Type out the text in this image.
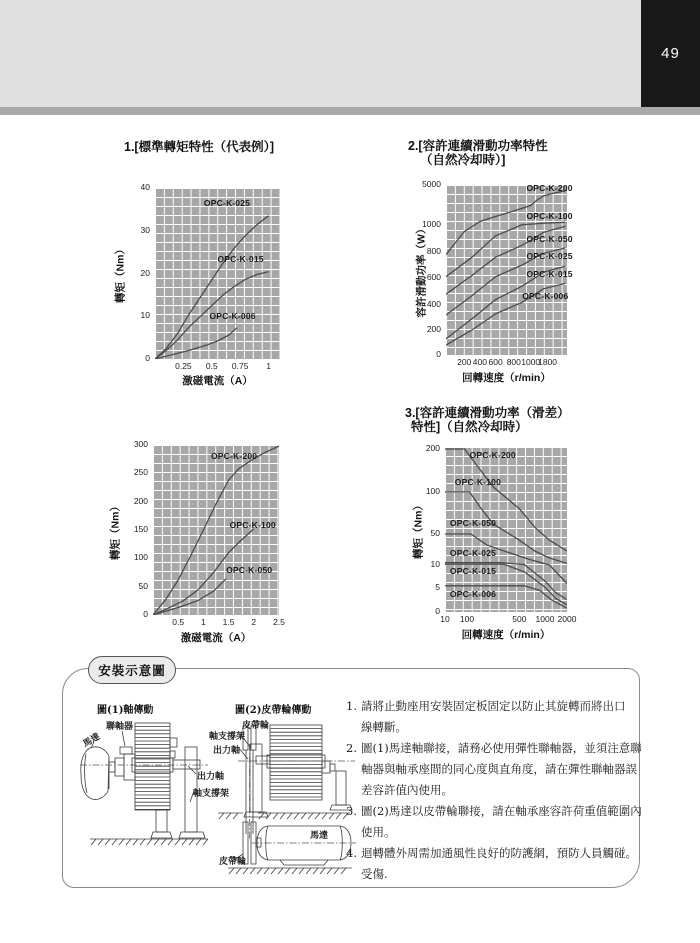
49
1.[標準轉矩特性（代表例）]
轉矩（Nm）
OPC-K-025
OPC-K-015
OPC-K-006
激磁電流（A）
40
30
20
10
0
0.25	0.5	0.75	1
2.[容許連續滑動功率特性
（自然冷却時）]
容許滑動功率（W）
OPC-K-200
OPC-K-100
OPC-K-050
OPC-K-025
OPC-K-015
OPC-K-006
回轉速度（r/min）
5000
1000
800
600
400
200
0
200 400 600 800 1000
1800
3.[容許連續滑動功率（滑差）
特性]（自然冷却時）
轉矩（Nm）
OPC-K-200
OPC-K-100
OPC-K-050
OPC-K-025
OPC-K-015
OPC-K-006
回轉速度（r/min）
200
100
50
10
5
0
10	100	500	1000 2000
轉矩（Nm）
OPC-K-200
OPC-K-100
OPC-K-050
激磁電流（A）
300
250
200
150
100
50
0
0.5	1	1.5	2	2.5
安裝示意圖
圖(1)軸傳動
聯軸器
馬達
出力軸
軸支撐架
圖(2)皮帶輪傳動
皮帶輪
軸支撐架
出力軸
馬達
皮帶輪
1. 請將止動座用安裝固定板固定以防止其旋轉而將出口
線轉斷。
2. 圖(1)馬達軸聯接，請務必使用彈性聯軸器，並須注意聯
軸器與軸承座間的同心度與直角度，請在彈性聯軸器誤
差容許值內使用。
3. 圖(2)馬達以皮帶輪聯接，請在軸承座容許荷重值範圍內
使用。
4. 迴轉體外周需加通風性良好的防護網，預防人員觸碰。
受傷.
